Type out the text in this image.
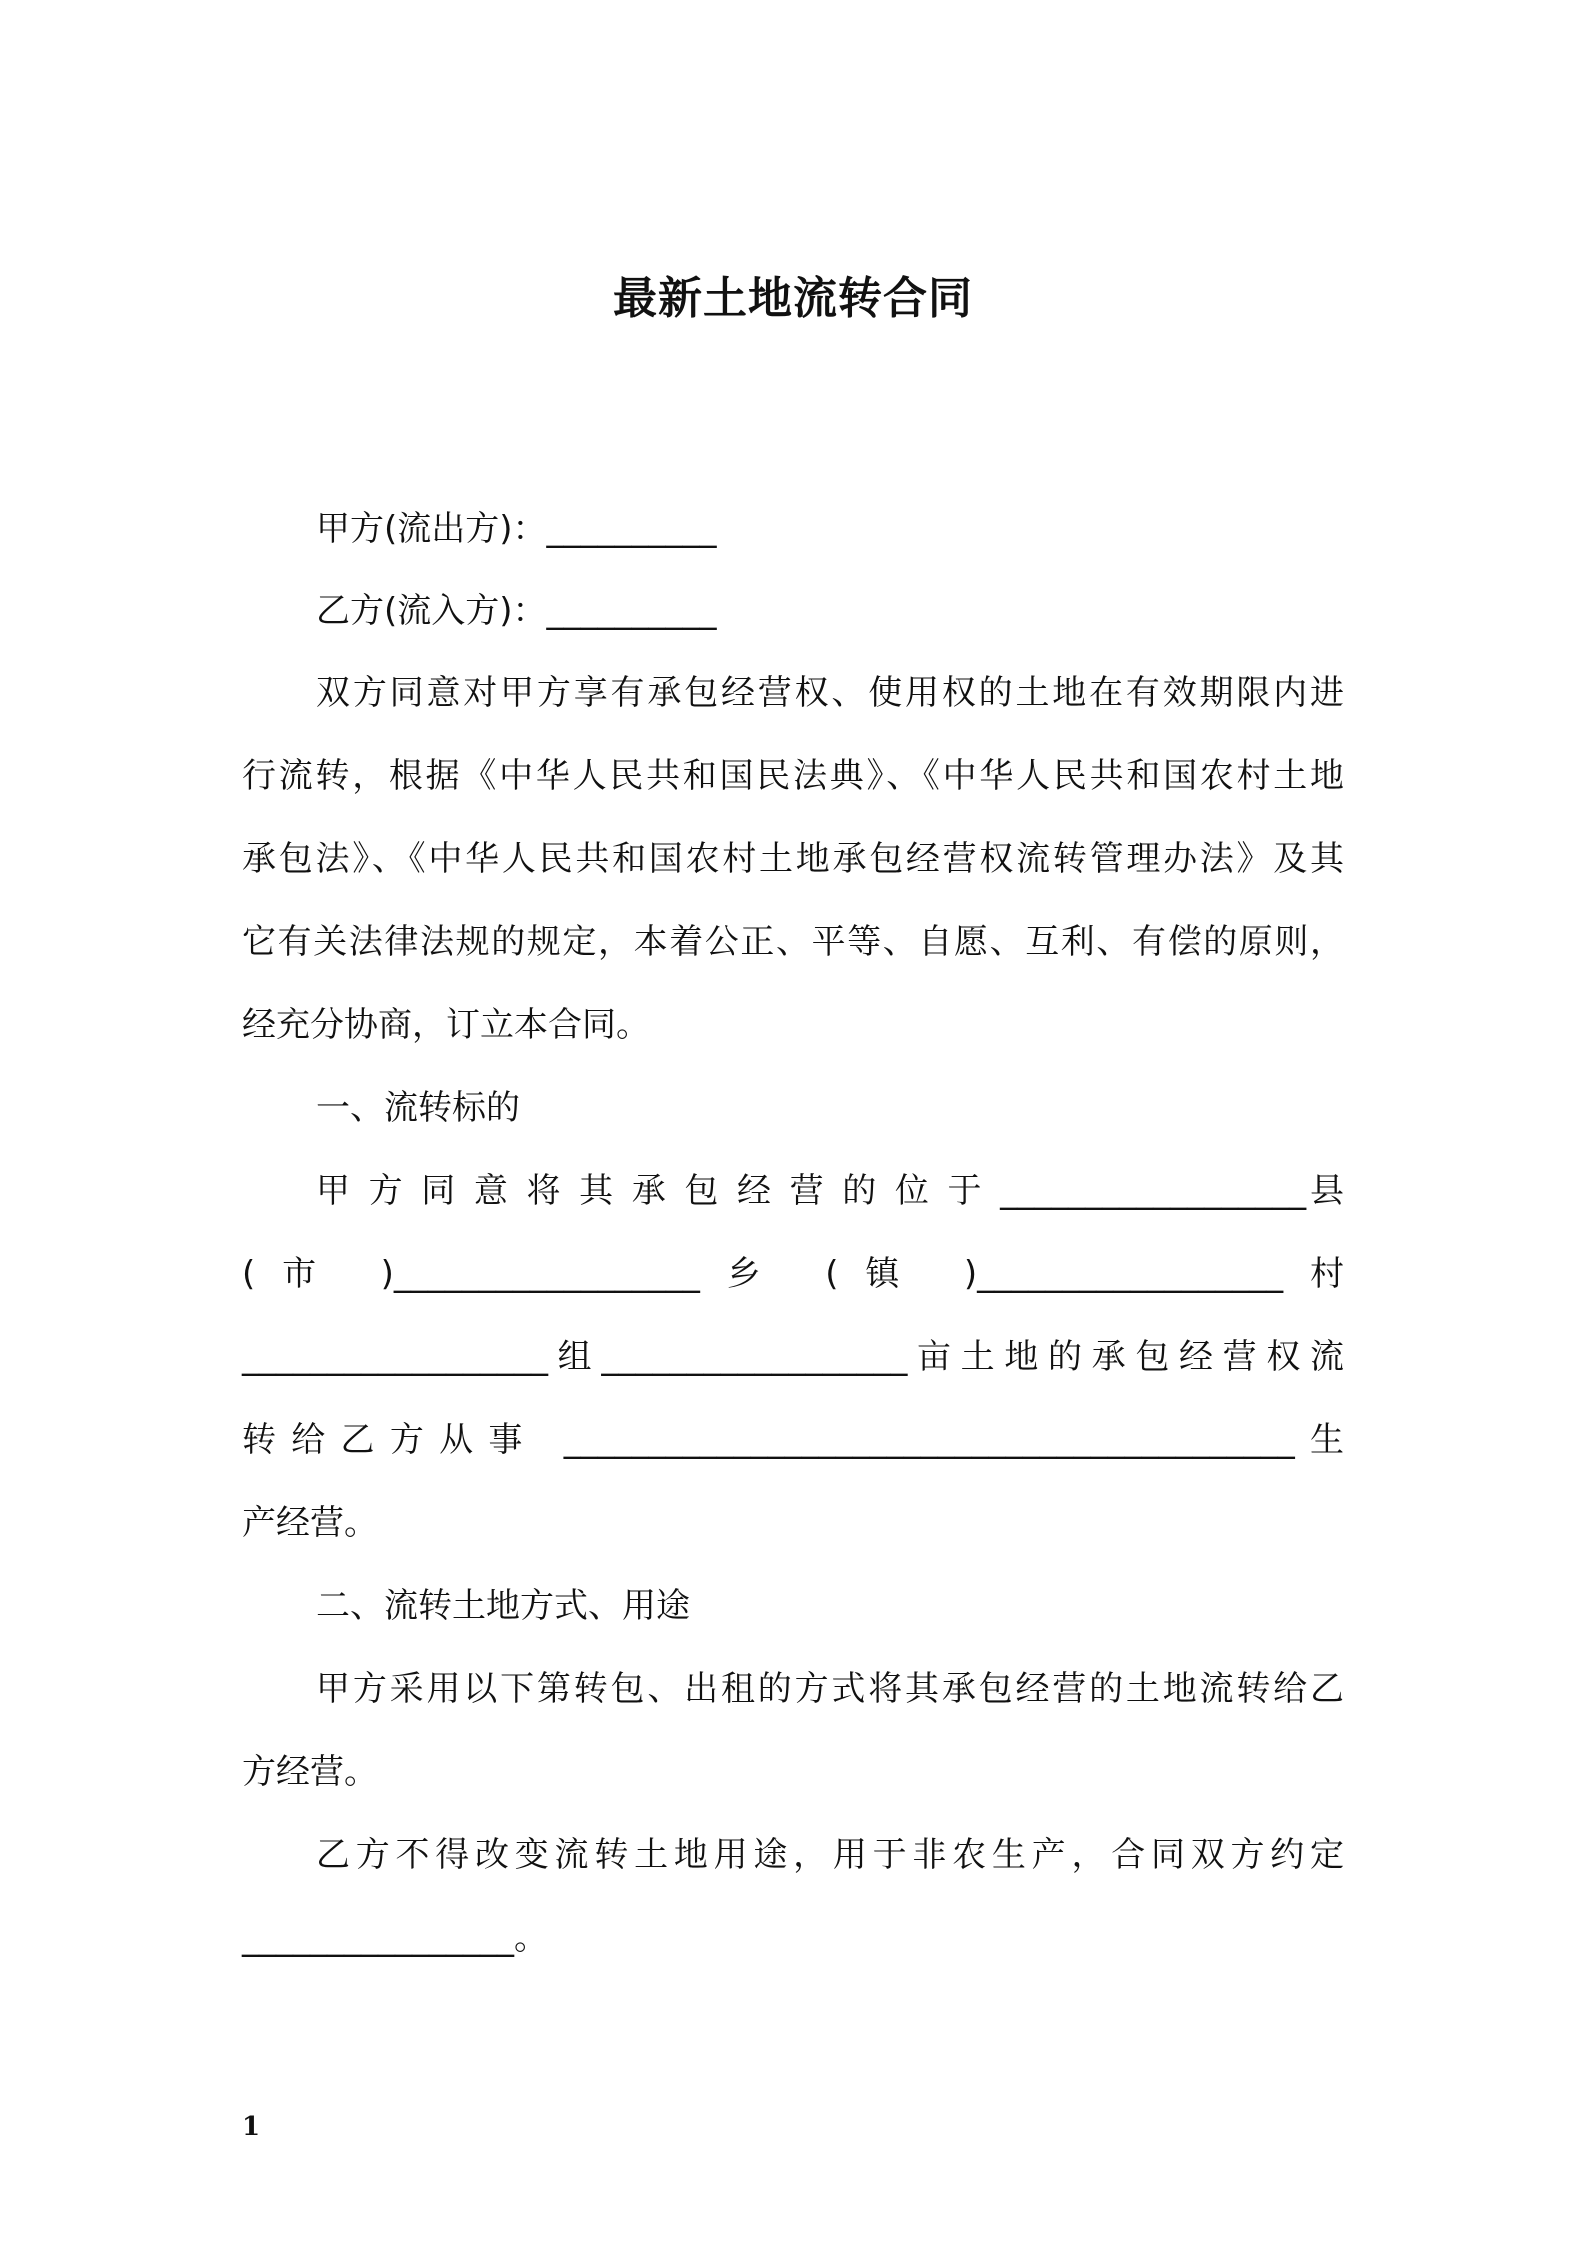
最新土地流转合同

甲方(流出方)：__________

乙方(流入方)：__________

双方同意对甲方享有承包经营权、使用权的土地在有效期限内进

行流转，根据《中华人民共和国民法典》、《中华人民共和国农村土地

承包法》、《中华人民共和国农村土地承包经营权流转管理办法》及其

它有关法律法规的规定，本着公正、平等、自愿、互利、有偿的原则，

经充分协商，订立本合同。

一、流转标的

甲 方 同 意 将 其 承 包 经 营 的 位 于 __________________县

(市 )__________________乡 (镇 )__________________村

__________________组__________________亩土地的承包经营权流

转给乙方从事 ___________________________________________生

产经营。

二、流转土地方式、用途

甲方采用以下第转包、出租的方式将其承包经营的土地流转给乙

方经营。

乙方不得改变流转土地用途，用于非农生产，合同双方约定

________________。

1
